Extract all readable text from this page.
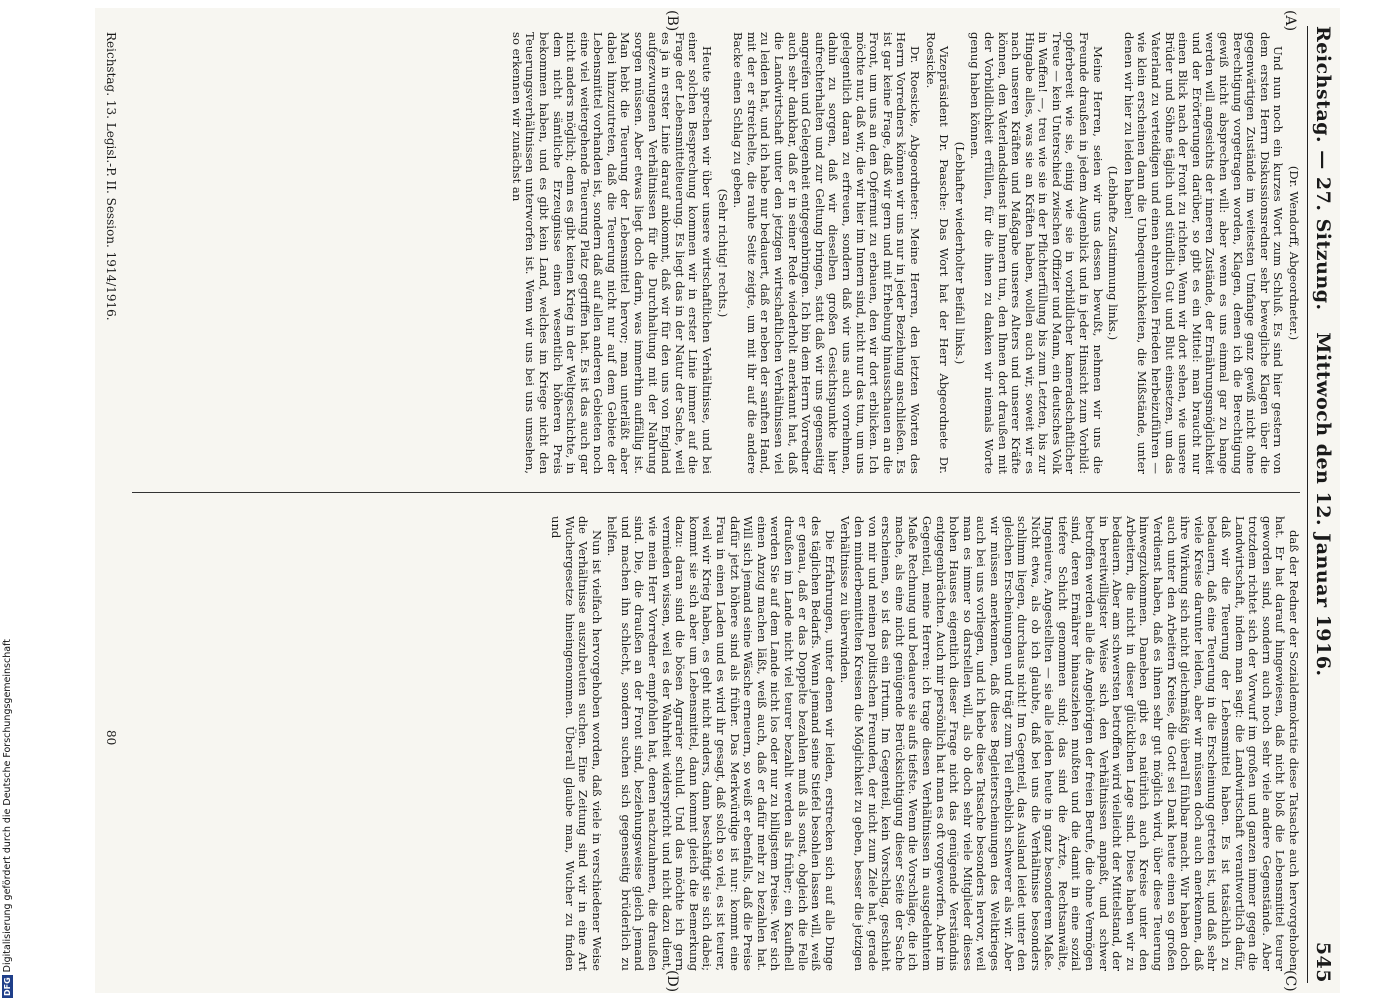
Reichstag. — 27. Sitzung.
Mittwoch den 12. Januar 1916.
545
(A)
(B)
(C)
(D)

(Dr. Wendorff, Abgeordneter.)

Und nun noch ein kurzes Wort zum Schluß. Es sind hier gestern von dem ersten Herrn Diskussionsredner sehr bewegliche Klagen über die gegenwärtigen Zustände im weitesten Umfange ganz gewiß nicht ohne Berechtigung vorgetragen worden, Klagen, denen ich die Berechtigung gewiß nicht absprechen will: aber wenn es uns einmal gar zu bange werden will angesichts der inneren Zustände, der Ernährungsmöglichkeit und der Erörterungen darüber, so gibt es ein Mittel: man braucht nur einen Blick nach der Front zu richten. Wenn wir dort sehen, wie unsere Brüder und Söhne täglich und stündlich Gut und Blut einsetzen, um das Vaterland zu verteidigen und einen ehrenvollen Frieden herbeizuführen — wie klein erscheinen dann die Unbequemlichkeiten, die Mißstände, unter denen wir hier zu leiden haben!

(Lebhafte Zustimmung links.)

Meine Herren, seien wir uns dessen bewußt, nehmen wir uns die Freunde draußen in jedem Augenblick und in jeder Hinsicht zum Vorbild: opferbereit wie sie, einig wie sie in vorbildlicher kameradschaftlicher Treue — kein Unterschied zwischen Offizier und Mann, ein deutsches Volk in Waffen! —, treu wie sie in der Pflichterfüllung bis zum Letzten, bis zur Hingabe alles, was sie an Kräften haben, wollen auch wir, soweit wir es nach unseren Kräften und Maßgabe unseres Alters und unserer Kräfte können, den Vaterlandsdienst im Innern tun, den Ihnen dort draußen mit der Vorbildlichkeit erfüllen, für die ihnen zu danken wir niemals Worte genug haben können.

(Lebhafter wiederholter Beifall links.)

Vizepräsident Dr. Paasche: Das Wort hat der Herr Abgeordnete Dr. Roesicke.

Dr. Roesicke, Abgeordneter: Meine Herren, den letzten Worten des Herrn Vorredners können wir uns nur in jeder Beziehung anschließen. Es ist gar keine Frage, daß wir gern und mit Erhebung hinausschauen an die Front, um uns an den Opfermut zu erbauen, den wir dort erblicken. Ich möchte nur, daß wir, die wir hier im Innern sind, nicht nur das tun, um uns gelegentlich daran zu erfreuen, sondern daß wir uns auch vornehmen, dahin zu sorgen, daß wir dieselben großen Gesichtspunkte hier aufrechterhalten und zur Geltung bringen, statt daß wir uns gegenseitig angreifen und Gelegenheit entgegenbringen. Ich bin dem Herrn Vorredner auch sehr dankbar, daß er in seiner Rede wiederholt anerkannt hat, daß die Landwirtschaft unter den jetzigen wirtschaftlichen Verhältnissen viel zu leiden hat, und ich habe nur bedauert, daß er neben der sanften Hand, mit der er streichelte, die rauhe Seite zeigte, um mit ihr auf die andere Backe einen Schlag zu geben.

(Sehr richtig! rechts.)

Heute sprechen wir über unsere wirtschaftlichen Verhältnisse, und bei einer solchen Besprechung kommen wir in erster Linie immer auf die Frage der Lebensmittelteuerung. Es liegt das in der Natur der Sache, weil es ja in erster Linie darauf ankommt, daß wir für den uns von England aufgezwungenen Verhältnissen für die Durchhaltung mit der Nahrung sorgen müssen. Aber etwas liegt doch darin, was immerhin auffällig ist. Man hebt die Teuerung der Lebensmittel hervor; man unterläßt aber dabei hinzuzutreten, daß die Teuerung nicht nur auf dem Gebiete der Lebensmittel vorhanden ist, sondern daß auf allen anderen Gebieten noch eine viel weitergehende Teuerung Platz gegriffen hat. Es ist das auch gar nicht anders möglich; denn es gibt keinen Krieg in der Weltgeschichte, in dem nicht sämtliche Erzeugnisse einen wesentlich höheren Preis bekommen haben, und es gibt kein Land, welches im Kriege nicht den Teuerungsverhältnissen unterworfen ist. Wenn wir uns bei uns umsehen, so erkennen wir zunächst an

daß der Redner der Sozialdemokratie diese Tatsache auch hervorgehoben hat. Er hat darauf hingewiesen, daß nicht bloß die Lebensmittel teurer geworden sind, sondern auch noch sehr viele andere Gegenstände. Aber trotzdem richtet sich der Vorwurf im großen und ganzen immer gegen die Landwirtschaft, indem man sagt: die Landwirtschaft verantwortlich dafür, daß wir die Teuerung der Lebensmittel haben. Es ist tatsächlich zu bedauern, daß eine Teuerung in die Erscheinung getreten ist, und daß sehr viele Kreise darunter leiden, aber wir müssen doch auch anerkennen, daß ihre Wirkung sich nicht gleichmäßig überall fühlbar macht. Wir haben doch auch unter den Arbeitern Kreise, die Gott sei Dank heute einen so großen Verdienst haben, daß es ihnen sehr gut möglich wird, über diese Teuerung hinwegzukommen. Daneben gibt es natürlich auch Kreise unter den Arbeitern, die nicht in dieser glücklichen Lage sind. Diese haben wir zu bedauern. Aber am schwersten betroffen wird vielleicht der Mittelstand, der in bereitwilligster Weise sich den Verhältnissen anpaßt, und schwer betroffen werden alle die Angehörigen der freien Berufe, die ohne Vermögen sind, deren Ernährer hinausziehen mußten und die damit in eine sozial tiefere Schicht genommen sind; das sind die Ärzte, Rechtsanwälte, Ingenieure, Angestellten — sie alle leiden heute in ganz besonderem Maße. Nicht etwa, als ob ich glaubte, daß bei uns die Verhältnisse besonders schlimm liegen, durchaus nicht! Im Gegenteil, das Ausland leidet unter den gleichen Erscheinungen und trägt zum Teil erheblich schwerer als wir. Aber wir müssen anerkennen, daß diese Begleiterscheinungen des Weltkrieges auch bei uns vorliegen, und ich hebe diese Tatsache besonders hervor, weil man es immer so darstellen will, als ob doch sehr viele Mitglieder dieses hohen Hauses eigentlich dieser Frage nicht das genügende Verständnis entgegenbrächten. Auch mir persönlich hat man es oft vorgeworfen. Aber im Gegenteil, meine Herren: ich trage diesen Verhältnissen in ausgedehntem Maße Rechnung und bedauere sie aufs tiefste. Wenn die Vorschläge, die ich mache, als eine nicht genügende Berücksichtigung dieser Seite der Sache erscheinen, so ist das ein Irrtum. Im Gegenteil, kein Vorschlag, geschieht von mir und meinen politischen Freunden, der nicht zum Ziele hat, gerade den minderbemittelten Kreisen die Möglichkeit zu geben, besser die jetzigen Verhältnisse zu überwinden.

Die Erfahrungen, unter denen wir leiden, erstrecken sich auf alle Dinge des täglichen Bedarfs. Wenn jemand seine Stiefel besohlen lassen will, weiß er genau, daß er das Doppelte bezahlen muß als sonst, obgleich die Felle draußen im Lande nicht viel teurer bezahlt werden als früher; ein Kaufhell werden Sie auf dem Lande nicht los oder nur zu billigstem Preise. Wer sich einen Anzug machen läßt, weiß auch, daß er dafür mehr zu bezahlen hat. Will sich jemand seine Wäsche erneuern, so weiß er ebenfalls, daß die Preise dafür jetzt höhere sind als früher. Das Merkwürdige ist nur: kommt eine Frau in einen Laden und es wird ihr gesagt, daß solch so viel, es ist teurer, weil wir Krieg haben, es geht nicht anders, dann beschäftigt sie sich dabei; kommt sie sich aber um Lebensmittel, dann kommt gleich die Bemerkung dazu: daran sind die bösen Agrarier schuld. Und das möchte ich gern vermieden wissen, weil es der Wahrheit widerspricht und nicht dazu dient, wie mein Herr Vorredner empfohlen hat, denen nachzuahmen, die draußen sind. Die, die draußen an der Front sind, beziehungsweise gleich jemand und machen ihn schlecht, sondern suchen sich gegenseitig brüderlich zu helfen.

Nun ist vielfach hervorgehoben worden, daß viele in verschiedener Weise die Verhältnisse auszubeuten suchen. Eine Zeitung sind wir in eine Art Wuchergesetze hineingenommen. Überall glaube man, Wucher zu finden und

Reichstag. 13. Legisl.-P. II. Session. 1914/1916.
80
DFGDigitalisierung gefördert durch die Deutsche Forschungsgemeinschaft
